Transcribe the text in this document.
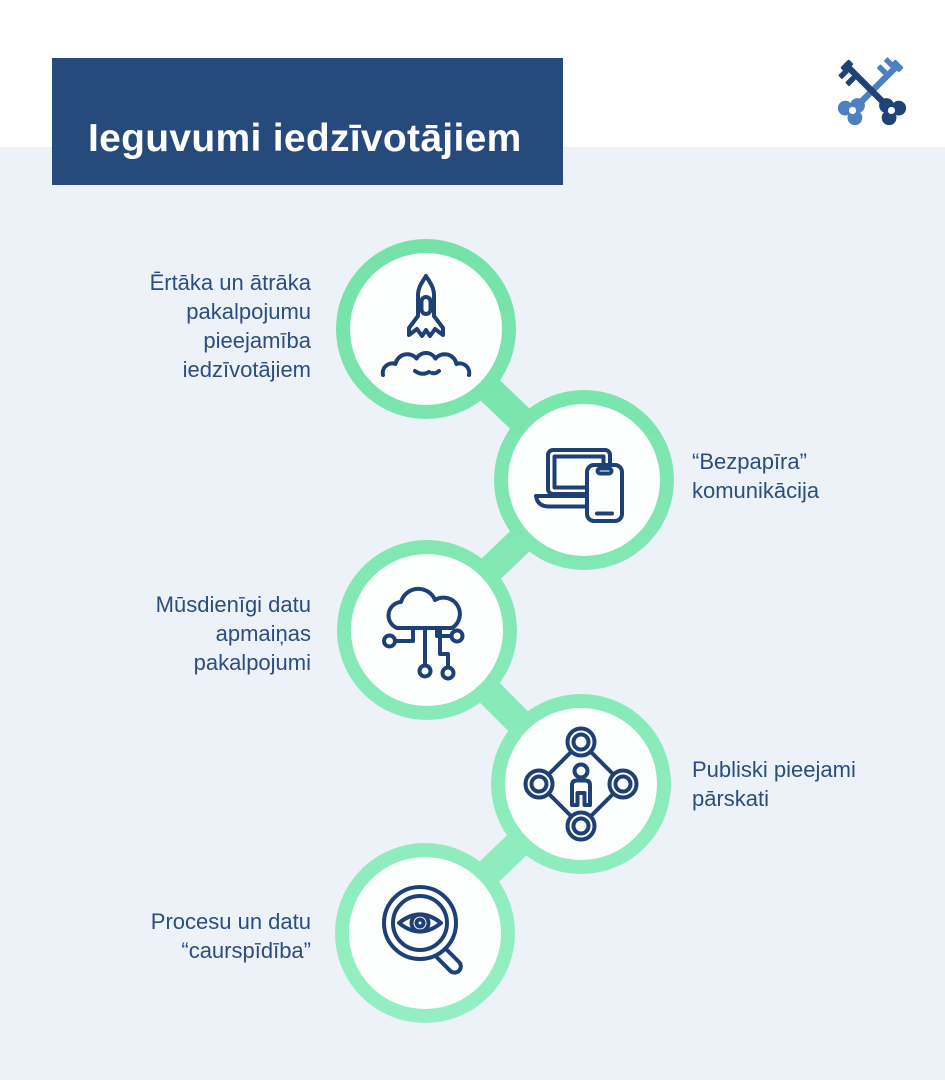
Ieguvumi iedzīvotājiem
Ērtāka un ātrāka
pakalpojumu
pieejamība
iedzīvotājiem
“Bezpapīra”
komunikācija
Mūsdienīgi datu
apmaiņas
pakalpojumi
Publiski pieejami
pārskati
Procesu un datu
“caurspīdība”
